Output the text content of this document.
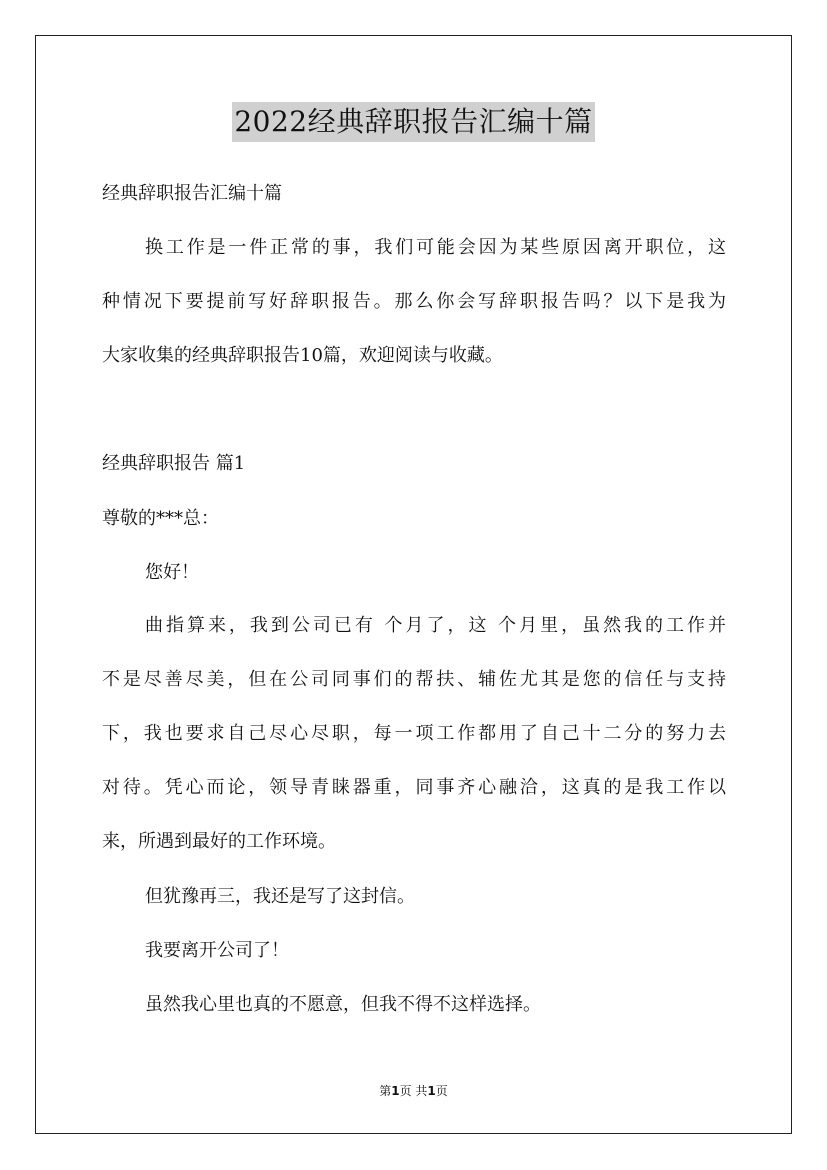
2022经典辞职报告汇编十篇
经典辞职报告汇编十篇
换工作是一件正常的事，我们可能会因为某些原因离开职位，这
种情况下要提前写好辞职报告。那么你会写辞职报告吗？以下是我为
大家收集的经典辞职报告10篇，欢迎阅读与收藏。
经典辞职报告 篇1
尊敬的***总：
您好！
曲指算来，我到公司已有 个月了，这 个月里，虽然我的工作并
不是尽善尽美，但在公司同事们的帮扶、辅佐尤其是您的信任与支持
下，我也要求自己尽心尽职，每一项工作都用了自己十二分的努力去
对待。凭心而论，领导青睐器重，同事齐心融洽，这真的是我工作以
来，所遇到最好的工作环境。
但犹豫再三，我还是写了这封信。
我要离开公司了！
虽然我心里也真的不愿意，但我不得不这样选择。
第1页 共1页
